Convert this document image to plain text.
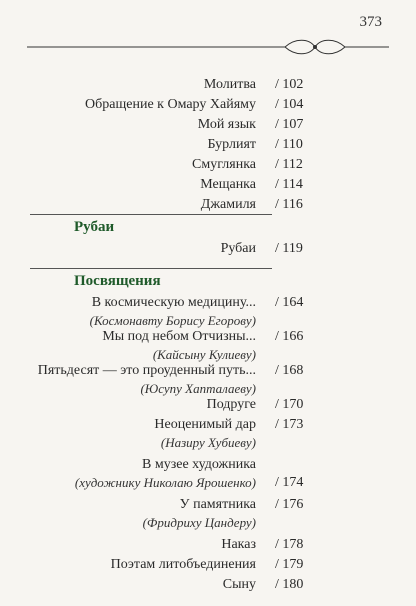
373
Молитва / 102
Обращение к Омару Хайяму / 104
Мой язык / 107
Бурлият / 110
Смуглянка / 112
Мещанка / 114
Джамиля / 116
Рубаи
Рубаи / 119
Посвящения
В космическую медицину... / 164
(Космонавту Борису Егорову)
Мы под небом Отчизны... / 166
(Кайсыну Кулиеву)
Пятьдесят — это проуденный путь... / 168
(Юсупу Хапталаеву)
Подруге / 170
Неоценимый дар / 173
(Назиру Хубиеву)
В музее художника
(художнику Николаю Ярошенко) / 174
У памятника / 176
(Фридриху Цандеру)
Наказ / 178
Поэтам литобъединения / 179
Сыну / 180
